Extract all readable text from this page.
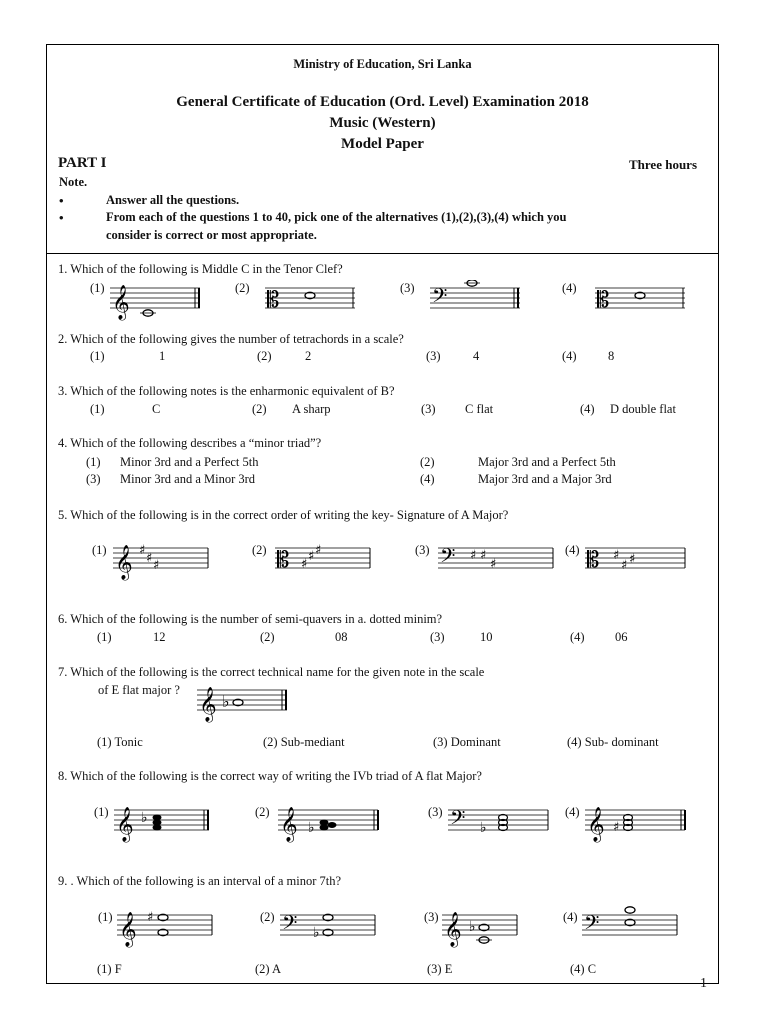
Ministry of Education, Sri Lanka
General Certificate of Education (Ord. Level) Examination 2018
Music (Western)
Model Paper
PART I	Three hours
Note.
•	Answer all the questions.
•	From each of the questions 1 to 40, pick one of the alternatives (1),(2),(3),(4) which you
consider is correct or most appropriate.
1. Which of the following is Middle C in the Tenor Clef?
(1)	(2)	(3)	(4)
𝄞	𝄡	𝄢	𝄡
2. Which of the following gives the number of tetrachords in a scale?
(1)	1	(2)	2	(3)	4	(4)	8
3. Which of the following notes is the enharmonic equivalent of B?
(1)	C	(2) A sharp	(3) C flat	(4) D double flat
4. Which of the following describes a “minor triad”?
(1) Minor 3rd and a Perfect 5th	(2)	Major 3rd and a Perfect 5th
(3) Minor 3rd and a Minor 3rd	(4)	Major 3rd and a Major 3rd
5. Which of the following is in the correct order of writing the key- Signature of A Major?
(1)	(2)	(3)	(4)
𝄞 ♯
♯ ♯	𝄡 ♯
♯ ♯	𝄢 ♯ ♯
♯	𝄡 ♯
♯ ♯
6. Which of the following is the number of semi-quavers in a. dotted minim?
(1)	12	(2)	08	(3)	10	(4) 06
7. Which of the following is the correct technical name for the given note in the scale
of E flat major ? 𝄞 ♭
(1) Tonic	(2) Sub-mediant	(3) Dominant	(4) Sub- dominant
8. Which of the following is the correct way of writing the IVb triad of A flat Major?
(1)	(2)	(3)	(4)
𝄞 ♭	𝄞 ♭	𝄢 ♭	𝄞 ♯
9. . Which of the following is an interval of a minor 7th?
(1)	(2)	(3)	(4)
𝄞 ♯	𝄢 ♭	𝄞 ♭	𝄢
(1) F	(2) A	(3) E	(4) C
1
